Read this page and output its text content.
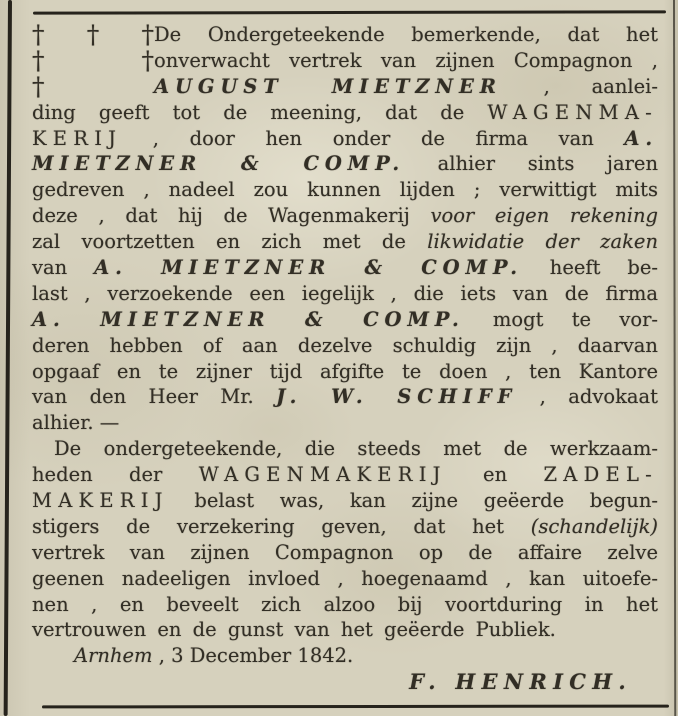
† † † De Ondergeteekende bemerkende, dat het
† † onverwacht vertrek van zijnen Compagnon ,
†	AUGUST MIETZNER , aanlei-
ding geeft tot de meening, dat de WAGENMA-
KERIJ , door hen onder de firma van A.
MIETZNER & COMP. alhier sints jaren
gedreven , nadeel zou kunnen lijden ; verwittigt mits
deze , dat hij de Wagenmakerij voor eigen rekening
zal voortzetten en zich met de likwidatie der zaken
van A. MIETZNER & COMP. heeft be-
last , verzoekende een iegelijk , die iets van de firma
A. MIETZNER & COMP. mogt te vor-
deren hebben of aan dezelve schuldig zijn , daarvan
opgaaf en te zijner tijd afgifte te doen , ten Kantore
van den Heer Mr. J. W. SCHIFF , advokaat
alhier. —
De ondergeteekende, die steeds met de werkzaam-
heden der WAGENMAKERIJ en ZADEL-
MAKERIJ belast was, kan zijne geëerde begun-
stigers de verzekering geven, dat het (schandelijk)
vertrek van zijnen Compagnon op de affaire zelve
geenen nadeeligen invloed , hoegenaamd , kan uitoefe-
nen , en beveelt zich alzoo bij voortduring in het
vertrouwen en de gunst van het geëerde Publiek.
Arnhem , 3 December 1842.
F. HENRICH.
